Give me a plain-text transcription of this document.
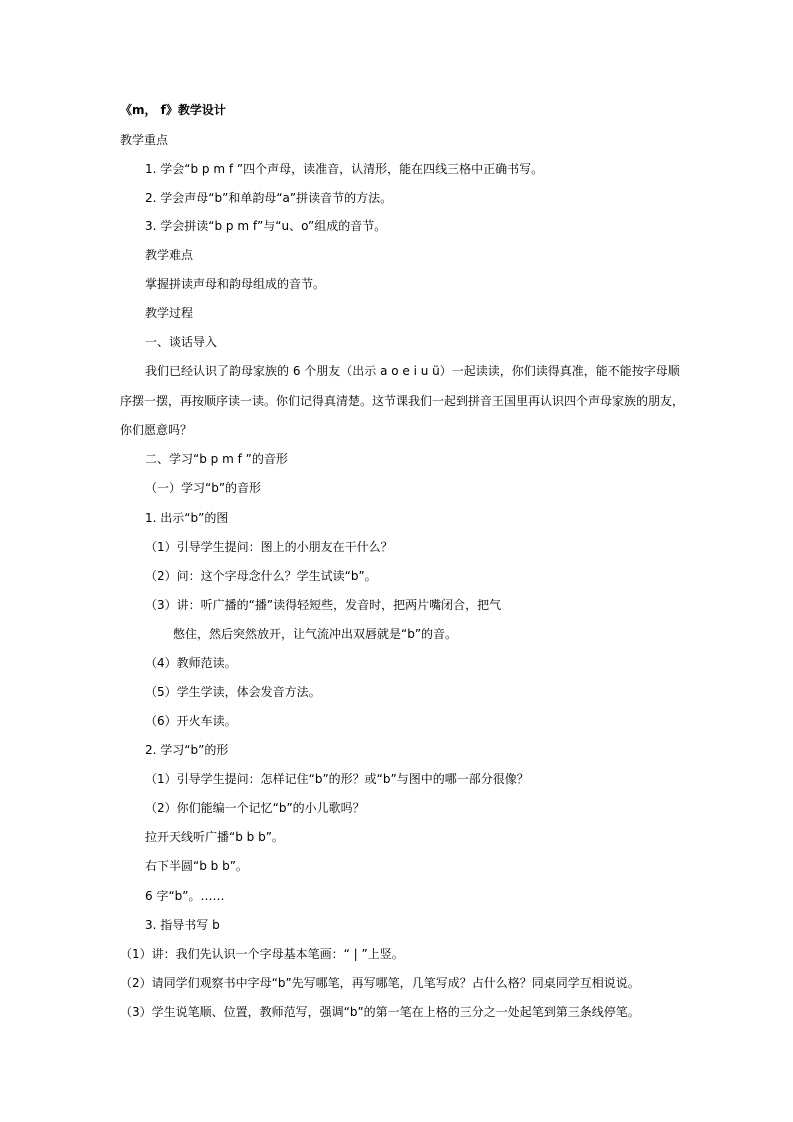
《m， f》教学设计
教学重点
1. 学会“b p m f ”四个声母，读准音，认清形，能在四线三格中正确书写。
2. 学会声母“b”和单韵母“a”拼读音节的方法。
3. 学会拼读“b p m f”与“u、o”组成的音节。
教学难点
掌握拼读声母和韵母组成的音节。
教学过程
一、谈话导入
我们已经认识了韵母家族的 6 个朋友（出示 a o e i u ü）一起读读，你们读得真准，能不能按字母顺
序摆一摆，再按顺序读一读。你们记得真清楚。这节课我们一起到拼音王国里再认识四个声母家族的朋友，
你们愿意吗？
二、学习“b p m f ”的音形
（一）学习“b”的音形
1. 出示“b”的图
（1）引导学生提问：图上的小朋友在干什么？
（2）问：这个字母念什么？学生试读“b”。
（3）讲：听广播的“播”读得轻短些，发音时，把两片嘴闭合，把气
憋住，然后突然放开，让气流冲出双唇就是“b”的音。
（4）教师范读。
（5）学生学读，体会发音方法。
（6）开火车读。
2. 学习“b”的形
（1）引导学生提问：怎样记住“b”的形？或“b”与图中的哪一部分很像？
（2）你们能编一个记忆“b”的小儿歌吗？
拉开天线听广播“b b b”。
右下半圆“b b b”。
6 字“b”。……
3. 指导书写 b
（1）讲：我们先认识一个字母基本笔画：“ | ”上竖。
（2）请同学们观察书中字母“b”先写哪笔，再写哪笔，几笔写成？占什么格？同桌同学互相说说。
（3）学生说笔顺、位置，教师范写，强调“b”的第一笔在上格的三分之一处起笔到第三条线停笔。
